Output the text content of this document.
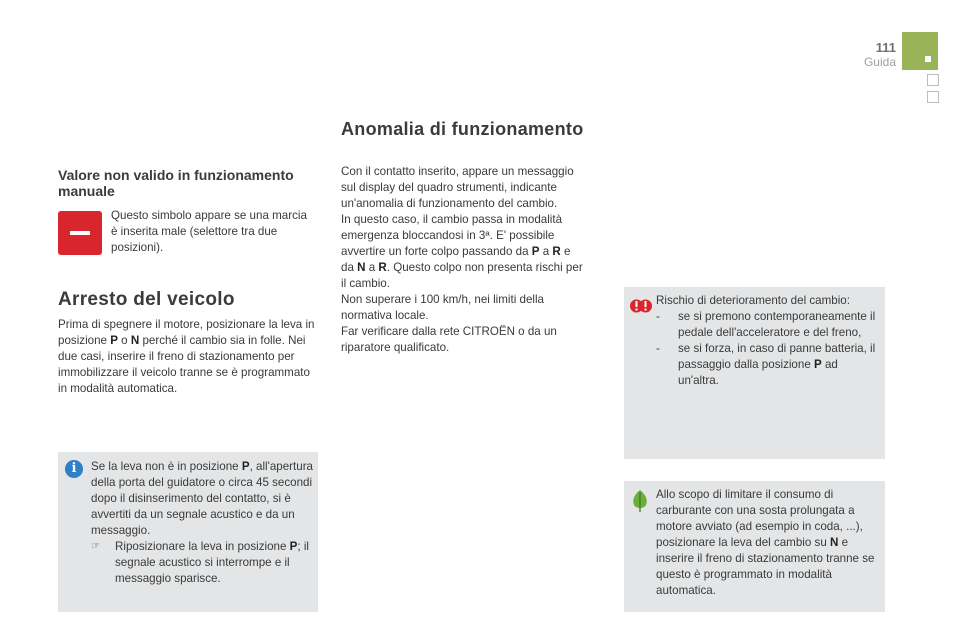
111
Guida
Anomalia di funzionamento
Con il contatto inserito, appare un messaggio
sul display del quadro strumenti, indicante
un'anomalia di funzionamento del cambio.
In questo caso, il cambio passa in modalità
emergenza bloccandosi in 3ª. E' possibile
avvertire un forte colpo passando da P a R e
da N a R. Questo colpo non presenta rischi per
il cambio.
Non superare i 100 km/h, nei limiti della
normativa locale.
Far verificare dalla rete CITROËN o da un
riparatore qualificato.
Valore non valido in funzionamento manuale
Questo simbolo appare se una marcia è inserita male (selettore tra due posizioni).
Arresto del veicolo
Prima di spegnere il motore, posizionare la leva in posizione P o N perché il cambio sia in folle. Nei due casi, inserire il freno di stazionamento per immobilizzare il veicolo tranne se è programmato in modalità automatica.
i	Se la leva non è in posizione P, all'apertura della porta del guidatore o circa 45 secondi dopo il disinserimento del contatto, si è avvertiti da un segnale acustico e da un messaggio.

☞ Riposizionare la leva in posizione P; il segnale acustico si interrompe e il messaggio sparisce.

Rischio di deterioramento del cambio:

- se si premono contemporaneamente il pedale dell'acceleratore e del freno,
- se si forza, in caso di panne batteria, il passaggio dalla posizione P ad un'altra.
Allo scopo di limitare il consumo di carburante con una sosta prolungata a motore avviato (ad esempio in coda, ...), posizionare la leva del cambio su N e inserire il freno di stazionamento tranne se questo è programmato in modalità automatica.
